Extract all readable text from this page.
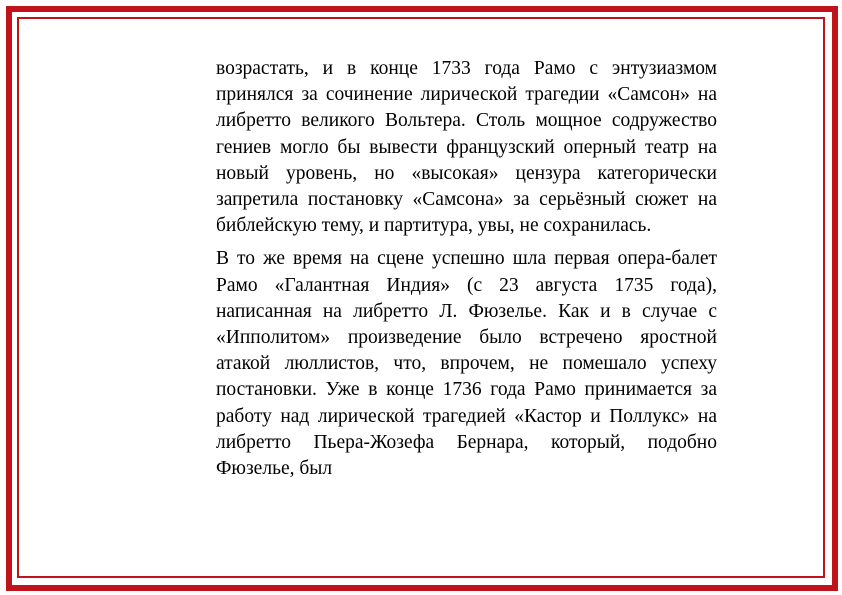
возрастать, и в конце 1733 года Рамо с энтузиазмом принялся за сочинение лирической трагедии «Самсон» на либретто великого Вольтера. Столь мощное содружество гениев могло бы вывести французский оперный театр на новый уровень, но «высокая» цензура категорически запретила постановку «Самсона» за серьёзный сюжет на библейскую тему, и партитура, увы, не сохранилась.

В то же время на сцене успешно шла первая опера-балет Рамо «Галантная Индия» (с 23 августа 1735 года), написанная на либретто Л. Фюзелье. Как и в случае с «Ипполитом» произведение было встречено яростной атакой люллистов, что, впрочем, не помешало успеху постановки. Уже в конце 1736 года Рамо принимается за работу над лирической трагедией «Кастор и Поллукс» на либретто Пьера-Жозефа Бернара, который, подобно Фюзелье, был
